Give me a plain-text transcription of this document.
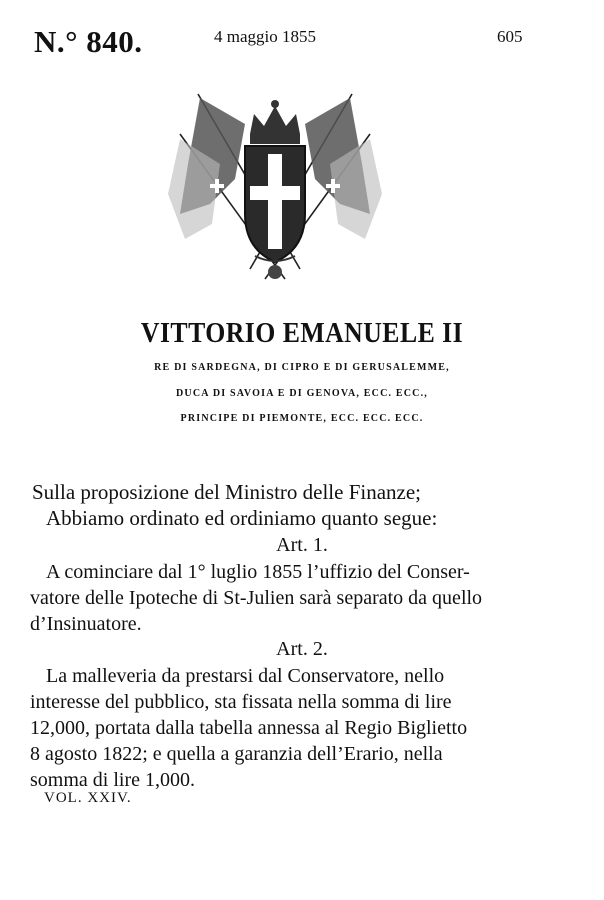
N.° 840.	4 maggio 1855	605
VITTORIO EMANUELE II
RE DI SARDEGNA, DI CIPRO E DI GERUSALEMME,
DUCA DI SAVOIA E DI GENOVA, ECC. ECC.,
PRINCIPE DI PIEMONTE, ECC. ECC. ECC.
Sulla proposizione del Ministro delle Finanze;
Abbiamo ordinato ed ordiniamo quanto segue:
Art. 1.
A cominciare dal 1° luglio 1855 l’uffizio del Conser-
vatore delle Ipoteche di St-Julien sarà separato da quello
d’Insinuatore.
Art. 2.
La malleveria da prestarsi dal Conservatore, nello
interesse del pubblico, sta fissata nella somma di lire
12,000, portata dalla tabella annessa al Regio Biglietto
8 agosto 1822; e quella a garanzia dell’Erario, nella
somma di lire 1,000.
VOL. XXIV.
